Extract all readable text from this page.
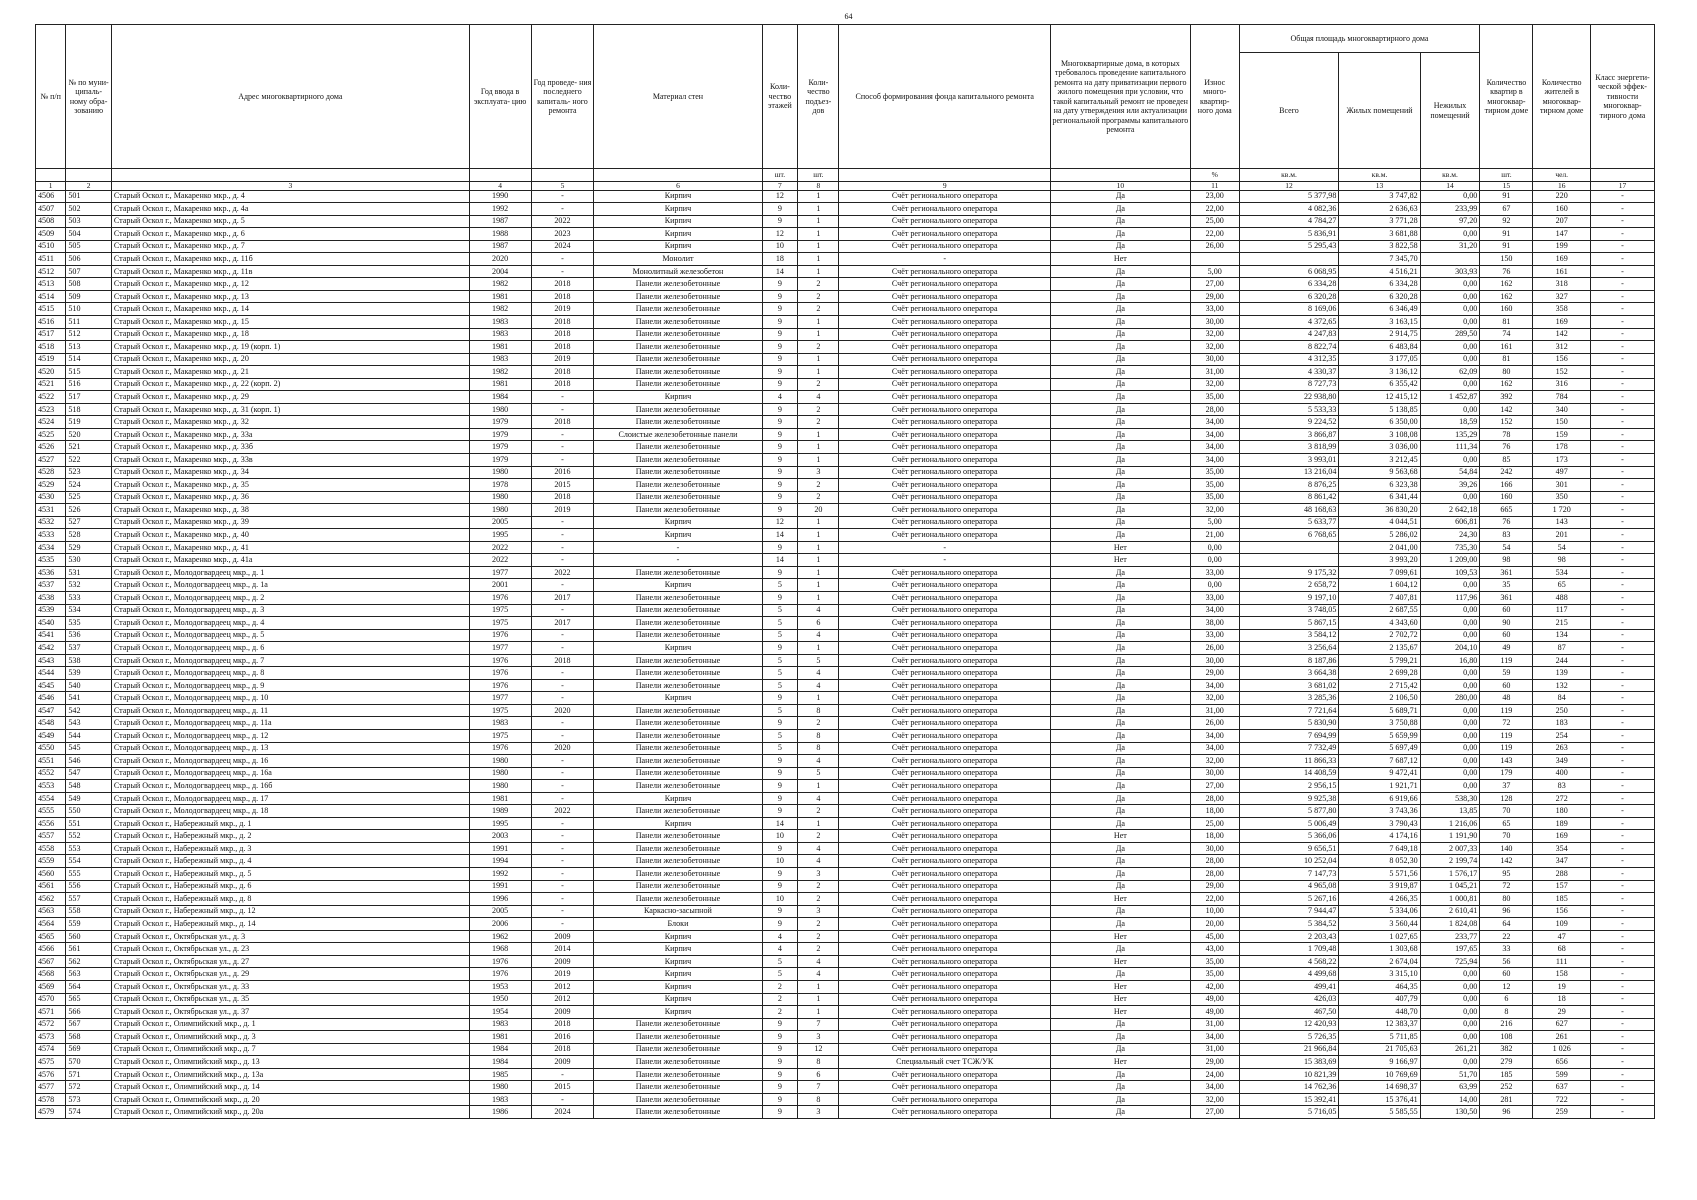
64
№ п/п	№ по муни- ципаль- ному обра- зованию	Адрес многоквартирного дома	Год ввода в эксплуата- цию	Год проведе- ния последнего капиталь- ного ремонта	Материал стен	Коли- чество этажей	Коли- чество подъез- дов	Способ формирования фонда капитального ремонта	Многоквартирные дома, в которых требовалось проведение капитального ремонта на дату приватизации первого жилого помещения при условии, что такой капитальный ремонт не проведен на дату утверждения или актуализации региональной программы капитального ремонта	Износ много- квартир- ного дома	Общая площадь многоквартирного дома			Количество квартир в многоквар- тирном доме	Количество жителей в многоквар- тирном доме	Класс энергети- ческой эффек- тивности многоквар- тирного дома
											Всего	Жилых помещений	Нежилых помещений			
						шт.	шт.			%	кв.м.	кв.м.	кв.м.	шт.	чел.	
1	2	3	4	5	6	7	8	9	10	11	12	13	14	15	16	17
4506	501	Старый Оскол г., Макаренко мкр., д. 4	1990	-	Кирпич	12	1	Счёт регионального оператора	Да	23,00	5 377,98	3 747,82	0,00	91	220	-
4507	502	Старый Оскол г., Макаренко мкр., д. 4а	1992	-	Кирпич	9	1	Счёт регионального оператора	Да	22,00	4 082,36	2 636,63	233,99	67	160	-
4508	503	Старый Оскол г., Макаренко мкр., д. 5	1987	2022	Кирпич	9	1	Счёт регионального оператора	Да	25,00	4 784,27	3 771,28	97,20	92	207	-
4509	504	Старый Оскол г., Макаренко мкр., д. 6	1988	2023	Кирпич	12	1	Счёт регионального оператора	Да	22,00	5 836,91	3 681,88	0,00	91	147	-
4510	505	Старый Оскол г., Макаренко мкр., д. 7	1987	2024	Кирпич	10	1	Счёт регионального оператора	Да	26,00	5 295,43	3 822,58	31,20	91	199	-
4511	506	Старый Оскол г., Макаренко мкр., д. 11б	2020	-	Монолит	18	1	-	Нет			7 345,70		150	169	-
4512	507	Старый Оскол г., Макаренко мкр., д. 11в	2004	-	Монолитный железобетон	14	1	Счёт регионального оператора	Да	5,00	6 068,95	4 516,21	303,93	76	161	-
4513	508	Старый Оскол г., Макаренко мкр., д. 12	1982	2018	Панели железобетонные	9	2	Счёт регионального оператора	Да	27,00	6 334,28	6 334,28	0,00	162	318	-
4514	509	Старый Оскол г., Макаренко мкр., д. 13	1981	2018	Панели железобетонные	9	2	Счёт регионального оператора	Да	29,00	6 320,28	6 320,28	0,00	162	327	-
4515	510	Старый Оскол г., Макаренко мкр., д. 14	1982	2019	Панели железобетонные	9	2	Счёт регионального оператора	Да	33,00	8 169,06	6 346,49	0,00	160	358	-
4516	511	Старый Оскол г., Макаренко мкр., д. 15	1983	2018	Панели железобетонные	9	1	Счёт регионального оператора	Да	30,00	4 372,65	3 163,15	0,00	81	169	-
4517	512	Старый Оскол г., Макаренко мкр., д. 18	1983	2018	Панели железобетонные	9	1	Счёт регионального оператора	Да	32,00	4 247,83	2 914,75	289,50	74	142	-
4518	513	Старый Оскол г., Макаренко мкр., д. 19 (корп. 1)	1981	2018	Панели железобетонные	9	2	Счёт регионального оператора	Да	32,00	8 822,74	6 483,84	0,00	161	312	-
4519	514	Старый Оскол г., Макаренко мкр., д. 20	1983	2019	Панели железобетонные	9	1	Счёт регионального оператора	Да	30,00	4 312,35	3 177,05	0,00	81	156	-
4520	515	Старый Оскол г., Макаренко мкр., д. 21	1982	2018	Панели железобетонные	9	1	Счёт регионального оператора	Да	31,00	4 330,37	3 136,12	62,09	80	152	-
4521	516	Старый Оскол г., Макаренко мкр., д. 22 (корп. 2)	1981	2018	Панели железобетонные	9	2	Счёт регионального оператора	Да	32,00	8 727,73	6 355,42	0,00	162	316	-
4522	517	Старый Оскол г., Макаренко мкр., д. 29	1984	-	Кирпич	4	4	Счёт регионального оператора	Да	35,00	22 938,80	12 415,12	1 452,87	392	784	-
4523	518	Старый Оскол г., Макаренко мкр., д. 31 (корп. 1)	1980	-	Панели железобетонные	9	2	Счёт регионального оператора	Да	28,00	5 533,33	5 138,85	0,00	142	340	-
4524	519	Старый Оскол г., Макаренко мкр., д. 32	1979	2018	Панели железобетонные	9	2	Счёт регионального оператора	Да	34,00	9 224,52	6 350,00	18,59	152	150	-
4525	520	Старый Оскол г., Макаренко мкр., д. 33а	1979	-	Слоистые железобетонные панели	9	1	Счёт регионального оператора	Да	34,00	3 866,87	3 108,08	135,29	78	159	-
4526	521	Старый Оскол г., Макаренко мкр., д. 33б	1979	-	Панели железобетонные	9	1	Счёт регионального оператора	Да	34,00	3 818,99	3 036,00	111,34	76	178	-
4527	522	Старый Оскол г., Макаренко мкр., д. 33в	1979	-	Панели железобетонные	9	1	Счёт регионального оператора	Да	34,00	3 993,01	3 212,45	0,00	85	173	-
4528	523	Старый Оскол г., Макаренко мкр., д. 34	1980	2016	Панели железобетонные	9	3	Счёт регионального оператора	Да	35,00	13 216,04	9 563,68	54,84	242	497	-
4529	524	Старый Оскол г., Макаренко мкр., д. 35	1978	2015	Панели железобетонные	9	2	Счёт регионального оператора	Да	35,00	8 876,25	6 323,38	39,26	166	301	-
4530	525	Старый Оскол г., Макаренко мкр., д. 36	1980	2018	Панели железобетонные	9	2	Счёт регионального оператора	Да	35,00	8 861,42	6 341,44	0,00	160	350	-
4531	526	Старый Оскол г., Макаренко мкр., д. 38	1980	2019	Панели железобетонные	9	20	Счёт регионального оператора	Да	32,00	48 168,63	36 830,20	2 642,18	665	1 720	-
4532	527	Старый Оскол г., Макаренко мкр., д. 39	2005	-	Кирпич	12	1	Счёт регионального оператора	Да	5,00	5 633,77	4 044,51	606,81	76	143	-
4533	528	Старый Оскол г., Макаренко мкр., д. 40	1995	-	Кирпич	14	1	Счёт регионального оператора	Да	21,00	6 768,65	5 286,02	24,30	83	201	-
4534	529	Старый Оскол г., Макаренко мкр., д. 41	2022	-	-	9	1	-	Нет	0,00		2 041,00	735,30	54	54	-
4535	530	Старый Оскол г., Макаренко мкр., д. 41а	2022	-	-	14	1	-	Нет	0,00		3 993,20	1 209,00	98	98	-
4536	531	Старый Оскол г., Молодогвардеец мкр., д. 1	1977	2022	Панели железобетонные	9	1	Счёт регионального оператора	Да	33,00	9 175,32	7 099,61	109,53	361	534	-
4537	532	Старый Оскол г., Молодогвардеец мкр., д. 1а	2001	-	Кирпич	5	1	Счёт регионального оператора	Да	0,00	2 658,72	1 604,12	0,00	35	65	-
4538	533	Старый Оскол г., Молодогвардеец мкр., д. 2	1976	2017	Панели железобетонные	9	1	Счёт регионального оператора	Да	33,00	9 197,10	7 407,81	117,96	361	488	-
4539	534	Старый Оскол г., Молодогвардеец мкр., д. 3	1975	-	Панели железобетонные	5	4	Счёт регионального оператора	Да	34,00	3 748,05	2 687,55	0,00	60	117	-
4540	535	Старый Оскол г., Молодогвардеец мкр., д. 4	1975	2017	Панели железобетонные	5	6	Счёт регионального оператора	Да	38,00	5 867,15	4 343,60	0,00	90	215	-
4541	536	Старый Оскол г., Молодогвардеец мкр., д. 5	1976	-	Панели железобетонные	5	4	Счёт регионального оператора	Да	33,00	3 584,12	2 702,72	0,00	60	134	-
4542	537	Старый Оскол г., Молодогвардеец мкр., д. 6	1977	-	Кирпич	9	1	Счёт регионального оператора	Да	26,00	3 256,64	2 135,67	204,10	49	87	-
4543	538	Старый Оскол г., Молодогвардеец мкр., д. 7	1976	2018	Панели железобетонные	5	5	Счёт регионального оператора	Да	30,00	8 187,86	5 799,21	16,80	119	244	-
4544	539	Старый Оскол г., Молодогвардеец мкр., д. 8	1976	-	Панели железобетонные	5	4	Счёт регионального оператора	Да	29,00	3 664,38	2 699,28	0,00	59	139	-
4545	540	Старый Оскол г., Молодогвардеец мкр., д. 9	1976	-	Панели железобетонные	5	4	Счёт регионального оператора	Да	34,00	3 681,02	2 715,42	0,00	60	132	-
4546	541	Старый Оскол г., Молодогвардеец мкр., д. 10	1977	-	Кирпич	9	1	Счёт регионального оператора	Да	32,00	3 285,36	2 106,50	280,00	48	84	-
4547	542	Старый Оскол г., Молодогвардеец мкр., д. 11	1975	2020	Панели железобетонные	5	8	Счёт регионального оператора	Да	31,00	7 721,64	5 689,71	0,00	119	250	-
4548	543	Старый Оскол г., Молодогвардеец мкр., д. 11а	1983	-	Панели железобетонные	9	2	Счёт регионального оператора	Да	26,00	5 830,90	3 750,88	0,00	72	183	-
4549	544	Старый Оскол г., Молодогвардеец мкр., д. 12	1975	-	Панели железобетонные	5	8	Счёт регионального оператора	Да	34,00	7 694,99	5 659,99	0,00	119	254	-
4550	545	Старый Оскол г., Молодогвардеец мкр., д. 13	1976	2020	Панели железобетонные	5	8	Счёт регионального оператора	Да	34,00	7 732,49	5 697,49	0,00	119	263	-
4551	546	Старый Оскол г., Молодогвардеец мкр., д. 16	1980	-	Панели железобетонные	9	4	Счёт регионального оператора	Да	32,00	11 866,33	7 687,12	0,00	143	349	-
4552	547	Старый Оскол г., Молодогвардеец мкр., д. 16а	1980	-	Панели железобетонные	9	5	Счёт регионального оператора	Да	30,00	14 408,59	9 472,41	0,00	179	400	-
4553	548	Старый Оскол г., Молодогвардеец мкр., д. 16б	1980	-	Панели железобетонные	9	1	Счёт регионального оператора	Да	27,00	2 956,15	1 921,71	0,00	37	83	-
4554	549	Старый Оскол г., Молодогвардеец мкр., д. 17	1981	-	Кирпич	9	4	Счёт регионального оператора	Да	28,00	9 925,38	6 919,66	538,30	128	272	-
4555	550	Старый Оскол г., Молодогвардеец мкр., д. 18	1989	2022	Панели железобетонные	9	2	Счёт регионального оператора	Да	18,00	5 877,80	3 743,36	13,85	70	180	-
4556	551	Старый Оскол г., Набережный мкр., д. 1	1995	-	Кирпич	14	1	Счёт регионального оператора	Да	25,00	5 006,49	3 790,43	1 216,06	65	189	-
4557	552	Старый Оскол г., Набережный мкр., д. 2	2003	-	Панели железобетонные	10	2	Счёт регионального оператора	Нет	18,00	5 366,06	4 174,16	1 191,90	70	169	-
4558	553	Старый Оскол г., Набережный мкр., д. 3	1991	-	Панели железобетонные	9	4	Счёт регионального оператора	Да	30,00	9 656,51	7 649,18	2 007,33	140	354	-
4559	554	Старый Оскол г., Набережный мкр., д. 4	1994	-	Панели железобетонные	10	4	Счёт регионального оператора	Да	28,00	10 252,04	8 052,30	2 199,74	142	347	-
4560	555	Старый Оскол г., Набережный мкр., д. 5	1992	-	Панели железобетонные	9	3	Счёт регионального оператора	Да	28,00	7 147,73	5 571,56	1 576,17	95	288	-
4561	556	Старый Оскол г., Набережный мкр., д. 6	1991	-	Панели железобетонные	9	2	Счёт регионального оператора	Да	29,00	4 965,08	3 919,87	1 045,21	72	157	-
4562	557	Старый Оскол г., Набережный мкр., д. 8	1996	-	Панели железобетонные	10	2	Счёт регионального оператора	Нет	22,00	5 267,16	4 266,35	1 000,81	80	185	-
4563	558	Старый Оскол г., Набережный мкр., д. 12	2005	-	Каркасно-засыпной	9	3	Счёт регионального оператора	Да	10,00	7 944,47	5 334,06	2 610,41	96	156	-
4564	559	Старый Оскол г., Набережный мкр., д. 14	2006	-	Блоки	9	2	Счёт регионального оператора	Да	20,00	5 384,52	3 560,44	1 824,08	64	109	-
4565	560	Старый Оскол г., Октябрьская ул., д. 3	1962	2009	Кирпич	4	2	Счёт регионального оператора	Нет	45,00	2 203,43	1 027,65	233,77	22	47	-
4566	561	Старый Оскол г., Октябрьская ул., д. 23	1968	2014	Кирпич	4	2	Счёт регионального оператора	Да	43,00	1 709,48	1 303,68	197,65	33	68	-
4567	562	Старый Оскол г., Октябрьская ул., д. 27	1976	2009	Кирпич	5	4	Счёт регионального оператора	Нет	35,00	4 568,22	2 674,04	725,94	56	111	-
4568	563	Старый Оскол г., Октябрьская ул., д. 29	1976	2019	Кирпич	5	4	Счёт регионального оператора	Да	35,00	4 499,68	3 315,10	0,00	60	158	-
4569	564	Старый Оскол г., Октябрьская ул., д. 33	1953	2012	Кирпич	2	1	Счёт регионального оператора	Нет	42,00	499,41	464,35	0,00	12	19	-
4570	565	Старый Оскол г., Октябрьская ул., д. 35	1950	2012	Кирпич	2	1	Счёт регионального оператора	Нет	49,00	426,03	407,79	0,00	6	18	-
4571	566	Старый Оскол г., Октябрьская ул., д. 37	1954	2009	Кирпич	2	1	Счёт регионального оператора	Нет	49,00	467,50	448,70	0,00	8	29	-
4572	567	Старый Оскол г., Олимпийский мкр., д. 1	1983	2018	Панели железобетонные	9	7	Счёт регионального оператора	Да	31,00	12 420,93	12 383,37	0,00	216	627	-
4573	568	Старый Оскол г., Олимпийский мкр., д. 3	1981	2016	Панели железобетонные	9	3	Счёт регионального оператора	Да	34,00	5 726,35	5 711,85	0,00	108	261	-
4574	569	Старый Оскол г., Олимпийский мкр., д. 7	1984	2018	Панели железобетонные	9	12	Счёт регионального оператора	Да	31,00	21 966,84	21 705,63	261,21	382	1 026	-
4575	570	Старый Оскол г., Олимпийский мкр., д. 13	1984	2009	Панели железобетонные	9	8	Специальный счет ТСЖ/УК	Нет	29,00	15 383,69	9 166,97	0,00	279	656	-
4576	571	Старый Оскол г., Олимпийский мкр., д. 13а	1985	-	Панели железобетонные	9	6	Счёт регионального оператора	Да	24,00	10 821,39	10 769,69	51,70	185	599	-
4577	572	Старый Оскол г., Олимпийский мкр., д. 14	1980	2015	Панели железобетонные	9	7	Счёт регионального оператора	Да	34,00	14 762,36	14 698,37	63,99	252	637	-
4578	573	Старый Оскол г., Олимпийский мкр., д. 20	1983	-	Панели железобетонные	9	8	Счёт регионального оператора	Да	32,00	15 392,41	15 376,41	14,00	281	722	-
4579	574	Старый Оскол г., Олимпийский мкр., д. 20а	1986	2024	Панели железобетонные	9	3	Счёт регионального оператора	Да	27,00	5 716,05	5 585,55	130,50	96	259	-
